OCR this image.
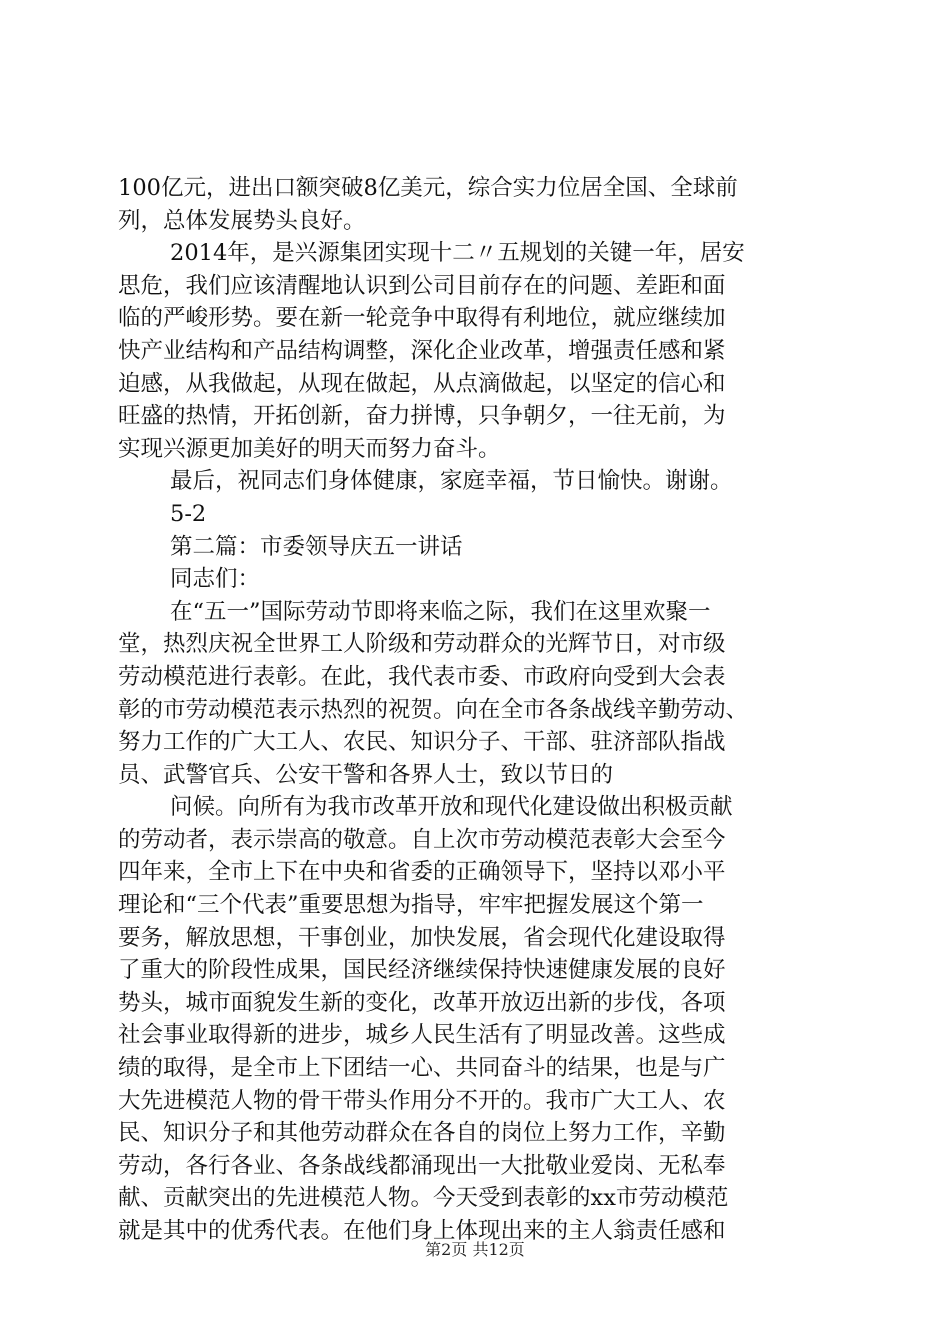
100亿元，进出口额突破8亿美元，综合实力位居全国、全球前
列，总体发展势头良好。
2014年，是兴源集团实现十二〃五规划的关键一年，居安
思危，我们应该清醒地认识到公司目前存在的问题、差距和面
临的严峻形势。要在新一轮竞争中取得有利地位，就应继续加
快产业结构和产品结构调整，深化企业改革，增强责任感和紧
迫感，从我做起，从现在做起，从点滴做起，以坚定的信心和
旺盛的热情，开拓创新，奋力拼博，只争朝夕，一往无前，为
实现兴源更加美好的明天而努力奋斗。
最后，祝同志们身体健康，家庭幸福，节日愉快。谢谢。
5-2
第二篇：市委领导庆五一讲话
同志们：
在“五一”国际劳动节即将来临之际，我们在这里欢聚一
堂，热烈庆祝全世界工人阶级和劳动群众的光辉节日，对市级
劳动模范进行表彰。在此，我代表市委、市政府向受到大会表
彰的市劳动模范表示热烈的祝贺。向在全市各条战线辛勤劳动、
努力工作的广大工人、农民、知识分子、干部、驻济部队指战
员、武警官兵、公安干警和各界人士，致以节日的
问候。向所有为我市改革开放和现代化建设做出积极贡献
的劳动者，表示崇高的敬意。自上次市劳动模范表彰大会至今
四年来，全市上下在中央和省委的正确领导下，坚持以邓小平
理论和“三个代表”重要思想为指导，牢牢把握发展这个第一
要务，解放思想，干事创业，加快发展，省会现代化建设取得
了重大的阶段性成果，国民经济继续保持快速健康发展的良好
势头，城市面貌发生新的变化，改革开放迈出新的步伐，各项
社会事业取得新的进步，城乡人民生活有了明显改善。这些成
绩的取得，是全市上下团结一心、共同奋斗的结果，也是与广
大先进模范人物的骨干带头作用分不开的。我市广大工人、农
民、知识分子和其他劳动群众在各自的岗位上努力工作，辛勤
劳动，各行各业、各条战线都涌现出一大批敬业爱岗、无私奉
献、贡献突出的先进模范人物。今天受到表彰的xx市劳动模范
就是其中的优秀代表。在他们身上体现出来的主人翁责任感和
第2页 共12页
